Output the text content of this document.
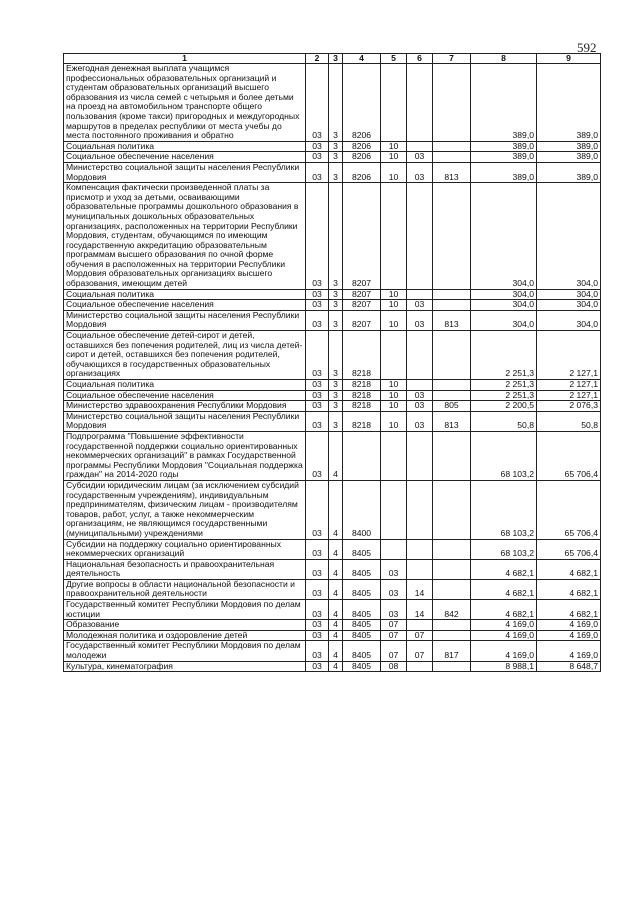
592
1	2	3	4	5	6	7	8	9
Ежегодная денежная выплата учащимся профессиональных образовательных организаций и студентам образовательных организаций высшего образования из числа семей с четырьмя и более детьми на проезд на автомобильном транспорте общего пользования (кроме такси) пригородных и междугородных маршрутов в пределах республики от места учебы до места постоянного проживания и обратно	03	3	8206				389,0	389,0
Социальная политика	03	3	8206	10			389,0	389,0
Социальное обеспечение населения	03	3	8206	10	03		389,0	389,0
Министерство социальной защиты населения Республики Мордовия	03	3	8206	10	03	813	389,0	389,0
Компенсация фактически произведенной платы за присмотр и уход за детьми, осваивающими образовательные программы дошкольного образования в муниципальных дошкольных образовательных организациях, расположенных на территории Республики Мордовия, студентам, обучающимся по имеющим государственную аккредитацию образовательным программам высшего образования по очной форме обучения в расположенных на территории Республики Мордовия образовательных организациях высшего образования, имеющим детей	03	3	8207				304,0	304,0
Социальная политика	03	3	8207	10			304,0	304,0
Социальное обеспечение населения	03	3	8207	10	03		304,0	304,0
Министерство социальной защиты населения Республики Мордовия	03	3	8207	10	03	813	304,0	304,0
Социальное обеспечение детей-сирот и детей, оставшихся без попечения родителей, лиц из числа детей-сирот и детей, оставшихся без попечения родителей, обучающихся в государственных образовательных организациях	03	3	8218				2 251,3	2 127,1
Социальная политика	03	3	8218	10			2 251,3	2 127,1
Социальное обеспечение населения	03	3	8218	10	03		2 251,3	2 127,1
Министерство здравоохранения Республики Мордовия	03	3	8218	10	03	805	2 200,5	2 076,3
Министерство социальной защиты населения Республики Мордовия	03	3	8218	10	03	813	50,8	50,8
Подпрограмма "Повышение эффективности государственной поддержки социально ориентированных некоммерческих организаций" в рамках Государственной программы Республики Мордовия "Социальная поддержка граждан" на 2014-2020 годы	03	4					68 103,2	65 706,4
Субсидии юридическим лицам (за исключением субсидий государственным учреждениям), индивидуальным предпринимателям, физическим лицам - производителям товаров, работ, услуг, а также некоммерческим организациям, не являющимся государственными (муниципальными) учреждениями	03	4	8400				68 103,2	65 706,4
Субсидии на поддержку социально ориентированных некоммерческих организаций	03	4	8405				68 103,2	65 706,4
Национальная безопасность и правоохранительная деятельность	03	4	8405	03			4 682,1	4 682,1
Другие вопросы в области национальной безопасности и правоохранительной деятельности	03	4	8405	03	14		4 682,1	4 682,1
Государственный комитет Республики Мордовия по делам юстиции	03	4	8405	03	14	842	4 682,1	4 682,1
Образование	03	4	8405	07			4 169,0	4 169,0
Молодежная политика и оздоровление детей	03	4	8405	07	07		4 169,0	4 169,0
Государственный комитет Республики Мордовия по делам молодежи	03	4	8405	07	07	817	4 169,0	4 169,0
Культура, кинематография	03	4	8405	08			8 988,1	8 648,7
